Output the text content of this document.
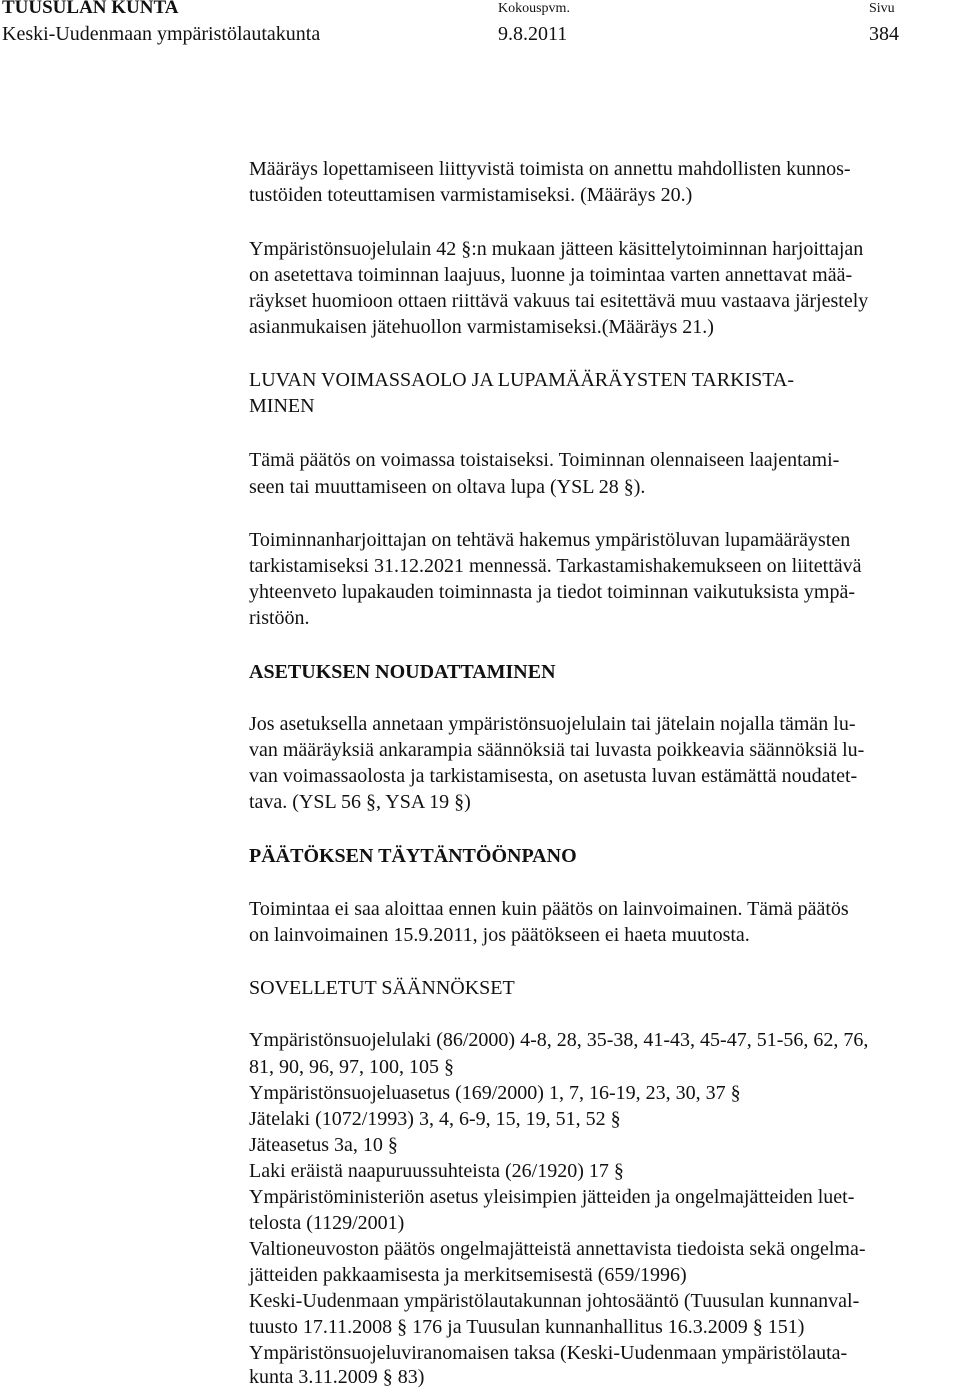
TUUSULAN KUNTA
Keski-Uudenmaan ympäristölautakunta
Kokouspvm.
9.8.2011
Sivu
384
Määräys lopettamiseen liittyvistä toimista on annettu mahdollisten kunnos-
tustöiden toteuttamisen varmistamiseksi. (Määräys 20.)
Ympäristönsuojelulain 42 §:n mukaan jätteen käsittelytoiminnan harjoittajan
on asetettava toiminnan laajuus, luonne ja toimintaa varten annettavat mää-
räykset huomioon ottaen riittävä vakuus tai esitettävä muu vastaava järjestely
asianmukaisen jätehuollon varmistamiseksi.(Määräys 21.)
LUVAN VOIMASSAOLO JA LUPAMÄÄRÄYSTEN TARKISTA-
MINEN
Tämä päätös on voimassa toistaiseksi. Toiminnan olennaiseen laajentami-
seen tai muuttamiseen on oltava lupa (YSL 28 §).
Toiminnanharjoittajan on tehtävä hakemus ympäristöluvan lupamääräysten
tarkistamiseksi 31.12.2021 mennessä. Tarkastamishakemukseen on liitettävä
yhteenveto lupakauden toiminnasta ja tiedot toiminnan vaikutuksista ympä-
ristöön.
ASETUKSEN NOUDATTAMINEN
Jos asetuksella annetaan ympäristönsuojelulain tai jätelain nojalla tämän lu-
van määräyksiä ankarampia säännöksiä tai luvasta poikkeavia säännöksiä lu-
van voimassaolosta ja tarkistamisesta, on asetusta luvan estämättä noudatet-
tava. (YSL 56 §, YSA 19 §)
PÄÄTÖKSEN TÄYTÄNTÖÖNPANO
Toimintaa ei saa aloittaa ennen kuin päätös on lainvoimainen. Tämä päätös
on lainvoimainen 15.9.2011, jos päätökseen ei haeta muutosta.
SOVELLETUT SÄÄNNÖKSET
Ympäristönsuojelulaki (86/2000) 4-8, 28, 35-38, 41-43, 45-47, 51-56, 62, 76,
81, 90, 96, 97, 100, 105 §
Ympäristönsuojeluasetus (169/2000) 1, 7, 16-19, 23, 30, 37 §
Jätelaki (1072/1993) 3, 4, 6-9, 15, 19, 51, 52 §
Jäteasetus 3a, 10 §
Laki eräistä naapuruussuhteista (26/1920) 17 §
Ympäristöministeriön asetus yleisimpien jätteiden ja ongelmajätteiden luet-
telosta (1129/2001)
Valtioneuvoston päätös ongelmajätteistä annettavista tiedoista sekä ongelma-
jätteiden pakkaamisesta ja merkitsemisestä (659/1996)
Keski-Uudenmaan ympäristölautakunnan johtosääntö (Tuusulan kunnanval-
tuusto 17.11.2008 § 176 ja Tuusulan kunnanhallitus 16.3.2009 § 151)
Ympäristönsuojeluviranomaisen taksa (Keski-Uudenmaan ympäristölauta-
kunta 3.11.2009 § 83)
